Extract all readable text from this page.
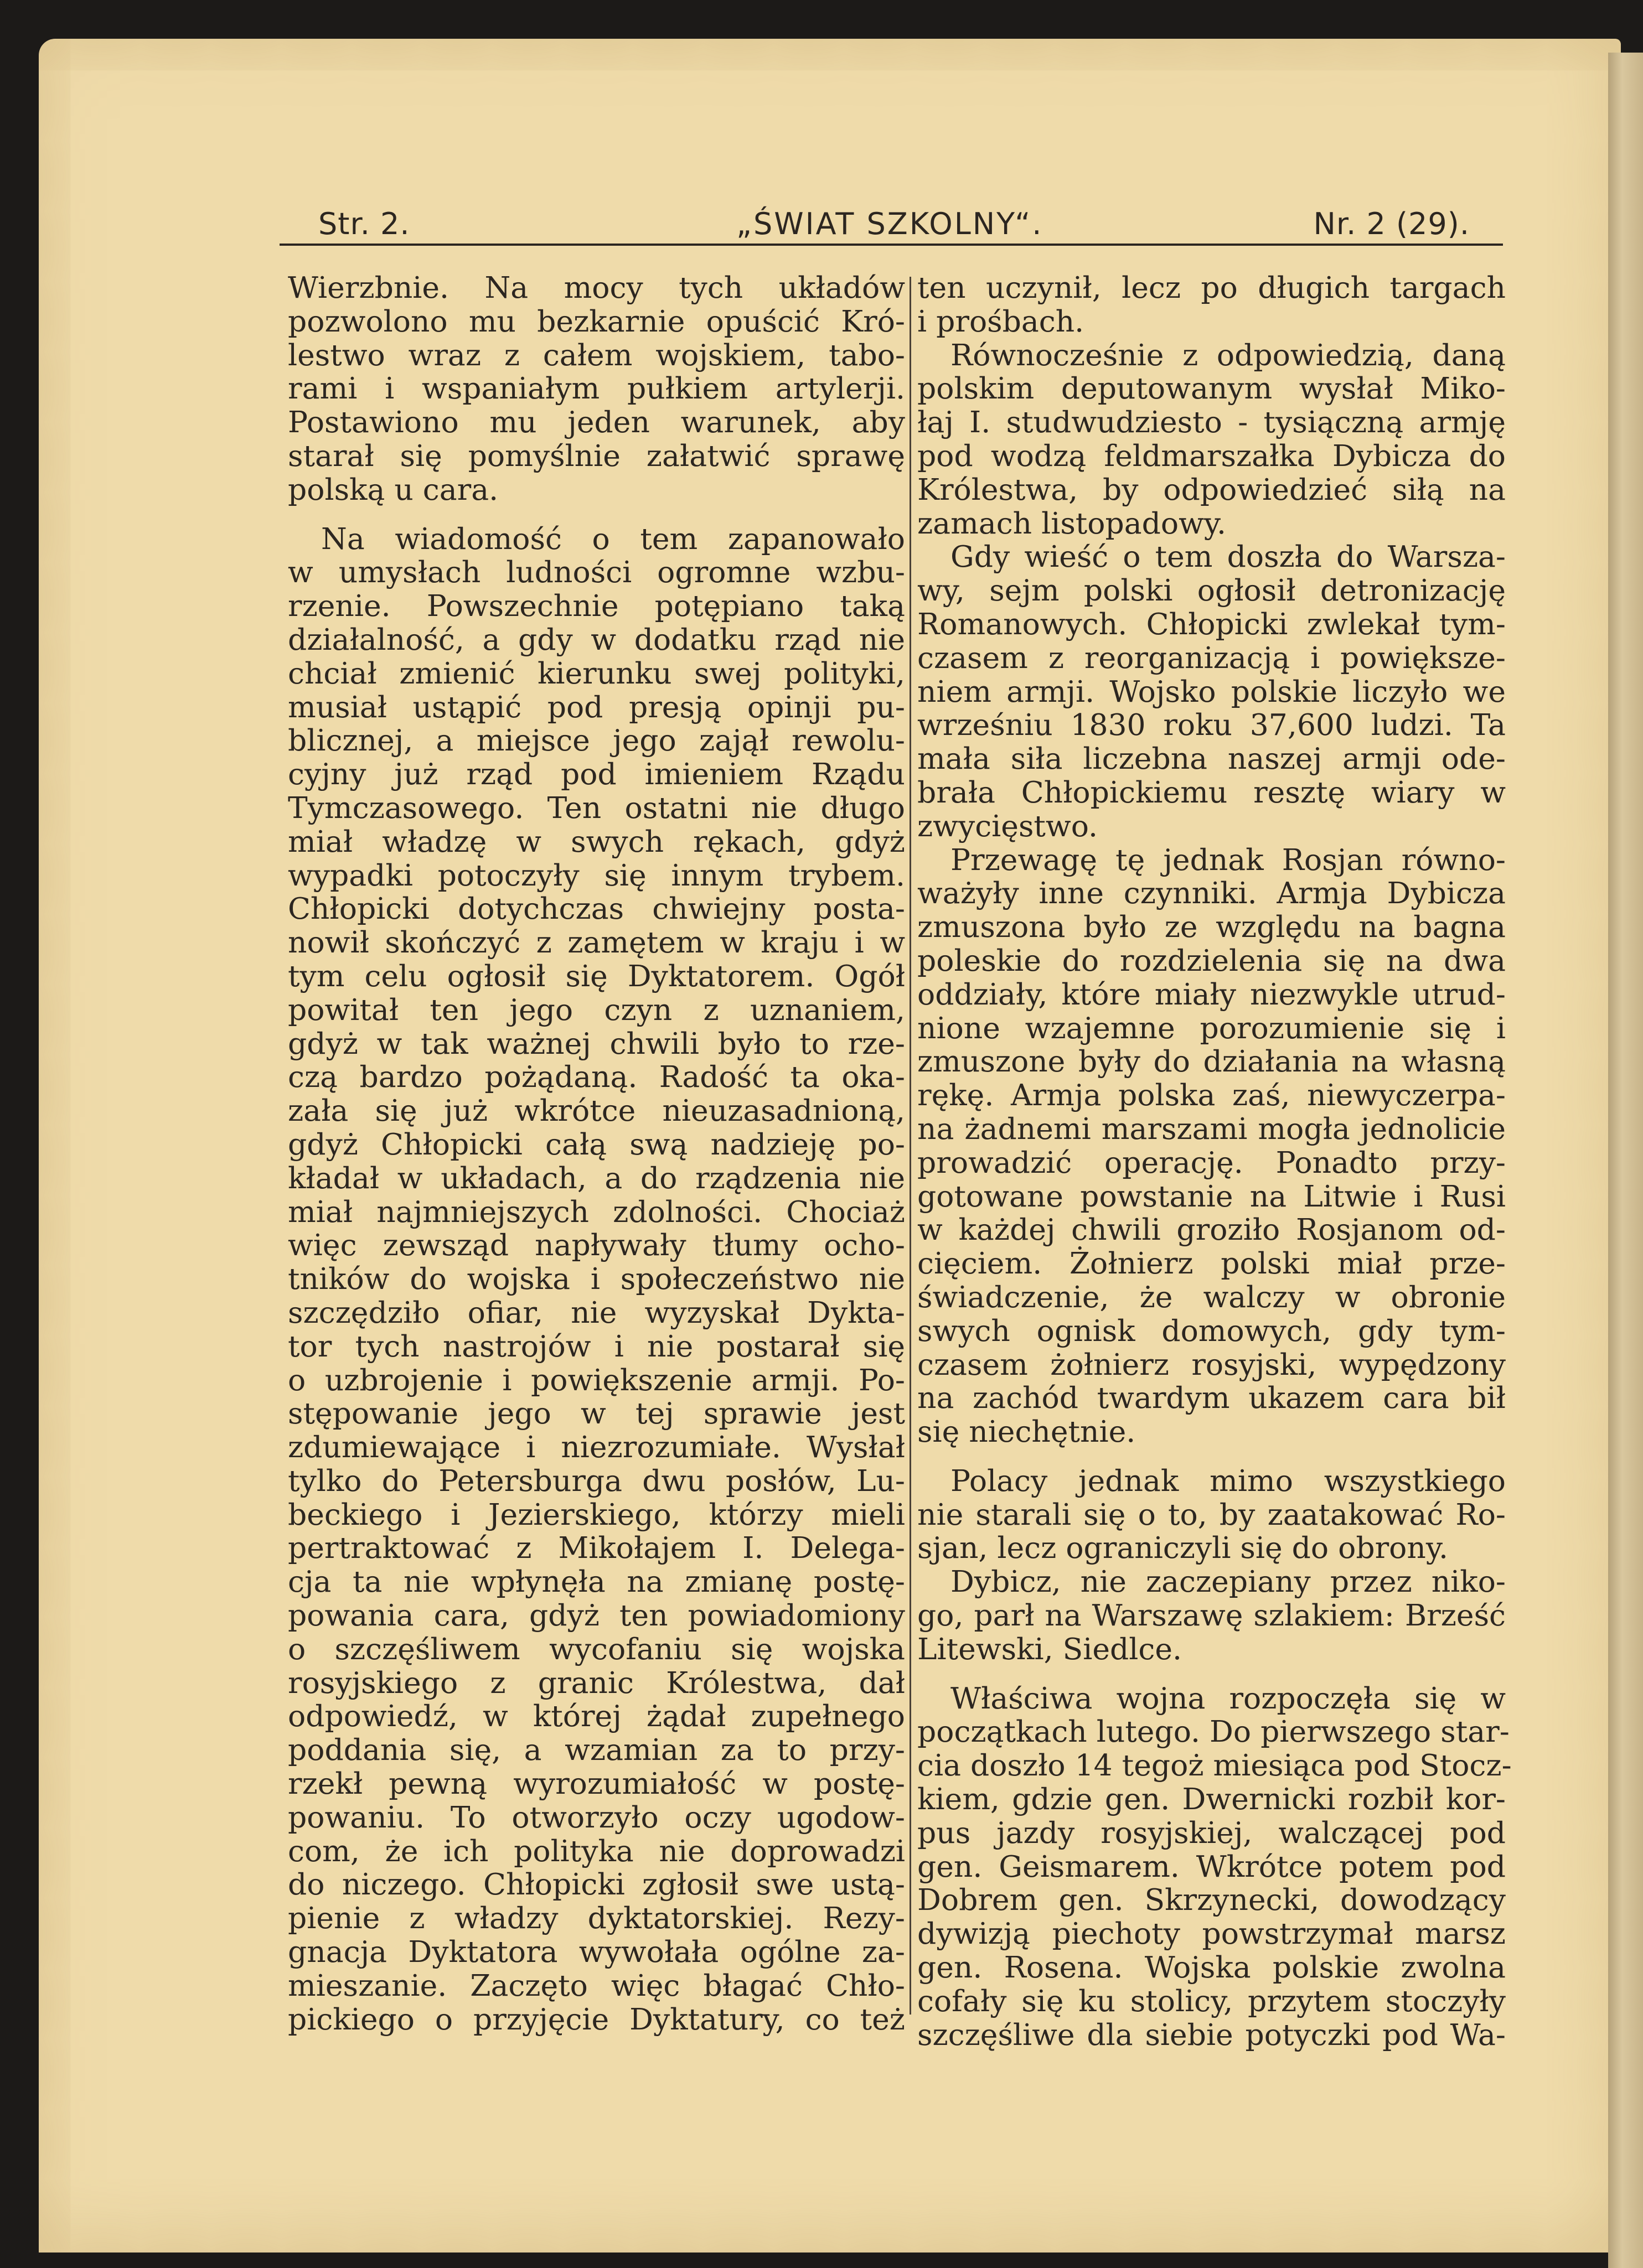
Str. 2.	„ŚWIAT SZKOLNY“.	Nr. 2 (29).
Wierzbnie. Na mocy tych układów
pozwolono mu bezkarnie opuścić Kró-
lestwo wraz z całem wojskiem, tabo-
rami i wspaniałym pułkiem artylerji.
Postawiono mu jeden warunek, aby
starał się pomyślnie załatwić sprawę
polską u cara.
Na wiadomość o tem zapanowało
w umysłach ludności ogromne wzbu-
rzenie. Powszechnie potępiano taką
działalność, a gdy w dodatku rząd nie
chciał zmienić kierunku swej polityki,
musiał ustąpić pod presją opinji pu-
blicznej, a miejsce jego zajął rewolu-
cyjny już rząd pod imieniem Rządu
Tymczasowego. Ten ostatni nie długo
miał władzę w swych rękach, gdyż
wypadki potoczyły się innym trybem.
Chłopicki dotychczas chwiejny posta-
nowił skończyć z zamętem w kraju i w
tym celu ogłosił się Dyktatorem. Ogół
powitał ten jego czyn z uznaniem,
gdyż w tak ważnej chwili było to rze-
czą bardzo pożądaną. Radość ta oka-
zała się już wkrótce nieuzasadnioną,
gdyż Chłopicki całą swą nadzieję po-
kładał w układach, a do rządzenia nie
miał najmniejszych zdolności. Chociaż
więc zewsząd napływały tłumy ocho-
tników do wojska i społeczeństwo nie
szczędziło ofiar, nie wyzyskał Dykta-
tor tych nastrojów i nie postarał się
o uzbrojenie i powiększenie armji. Po-
stępowanie jego w tej sprawie jest
zdumiewające i niezrozumiałe. Wysłał
tylko do Petersburga dwu posłów, Lu-
beckiego i Jezierskiego, którzy mieli
pertraktować z Mikołajem I. Delega-
cja ta nie wpłynęła na zmianę postę-
powania cara, gdyż ten powiadomiony
o szczęśliwem wycofaniu się wojska
rosyjskiego z granic Królestwa, dał
odpowiedź, w której żądał zupełnego
poddania się, a wzamian za to przy-
rzekł pewną wyrozumiałość w postę-
powaniu. To otworzyło oczy ugodow-
com, że ich polityka nie doprowadzi
do niczego. Chłopicki zgłosił swe ustą-
pienie z władzy dyktatorskiej. Rezy-
gnacja Dyktatora wywołała ogólne za-
mieszanie. Zaczęto więc błagać Chło-
pickiego o przyjęcie Dyktatury, co też
ten uczynił, lecz po długich targach
i prośbach.
Równocześnie z odpowiedzią, daną
polskim deputowanym wysłał Miko-
łaj I. studwudziesto - tysiączną armję
pod wodzą feldmarszałka Dybicza do
Królestwa, by odpowiedzieć siłą na
zamach listopadowy.
Gdy wieść o tem doszła do Warsza-
wy, sejm polski ogłosił detronizację
Romanowych. Chłopicki zwlekał tym-
czasem z reorganizacją i powiększe-
niem armji. Wojsko polskie liczyło we
wrześniu 1830 roku 37,600 ludzi. Ta
mała siła liczebna naszej armji ode-
brała Chłopickiemu resztę wiary w
zwycięstwo.
Przewagę tę jednak Rosjan równo-
ważyły inne czynniki. Armja Dybicza
zmuszona było ze względu na bagna
poleskie do rozdzielenia się na dwa
oddziały, które miały niezwykle utrud-
nione wzajemne porozumienie się i
zmuszone były do działania na własną
rękę. Armja polska zaś, niewyczerpa-
na żadnemi marszami mogła jednolicie
prowadzić operację. Ponadto przy-
gotowane powstanie na Litwie i Rusi
w każdej chwili groziło Rosjanom od-
cięciem. Żołnierz polski miał prze-
świadczenie, że walczy w obronie
swych ognisk domowych, gdy tym-
czasem żołnierz rosyjski, wypędzony
na zachód twardym ukazem cara bił
się niechętnie.
Polacy jednak mimo wszystkiego
nie starali się o to, by zaatakować Ro-
sjan, lecz ograniczyli się do obrony.
Dybicz, nie zaczepiany przez niko-
go, parł na Warszawę szlakiem: Brześć
Litewski, Siedlce.
Właściwa wojna rozpoczęła się w
początkach lutego. Do pierwszego star-
cia doszło 14 tegoż miesiąca pod Stocz-
kiem, gdzie gen. Dwernicki rozbił kor-
pus jazdy rosyjskiej, walczącej pod
gen. Geismarem. Wkrótce potem pod
Dobrem gen. Skrzynecki, dowodzący
dywizją piechoty powstrzymał marsz
gen. Rosena. Wojska polskie zwolna
cofały się ku stolicy, przytem stoczyły
szczęśliwe dla siebie potyczki pod Wa-
